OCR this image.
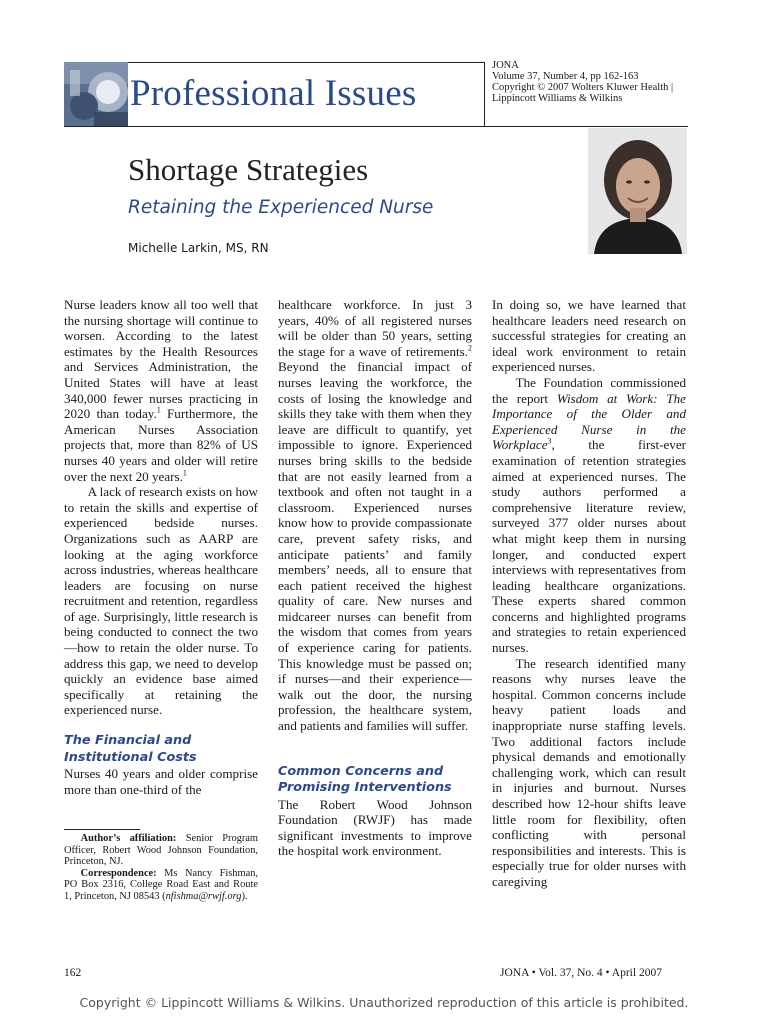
Professional Issues
JONA
Volume 37, Number 4, pp 162-163
Copyright © 2007 Wolters Kluwer Health |
Lippincott Williams & Wilkins
Shortage Strategies
Retaining the Experienced Nurse
Michelle Larkin, MS, RN

Nurse leaders know all too well that the nursing shortage will continue to worsen. According to the latest estimates by the Health Resources and Services Administration, the United States will have at least 340,000 fewer nurses practicing in 2020 than today.$^1$ Furthermore, the American Nurses Association projects that, more than 82% of US nurses 40 years and older will retire over the next 20 years.$^1$

A lack of research exists on how to retain the skills and expertise of experienced bedside nurses. Organizations such as AARP are looking at the aging workforce across industries, whereas healthcare leaders are focusing on nurse recruitment and retention, regardless of age. Surprisingly, little research is being conducted to connect the two—how to retain the older nurse. To address this gap, we need to develop quickly an evidence base aimed specifically at retaining the experienced nurse.

The Financial and Institutional Costs

Nurses 40 years and older comprise more than one-third of the

healthcare workforce. In just 3 years, 40% of all registered nurses will be older than 50 years, setting the stage for a wave of retirements.$^2$ Beyond the financial impact of nurses leaving the workforce, the costs of losing the knowledge and skills they take with them when they leave are difficult to quantify, yet impossible to ignore. Experienced nurses bring skills to the bedside that are not easily learned from a textbook and often not taught in a classroom. Experienced nurses know how to provide compassionate care, prevent safety risks, and anticipate patients’ and family members’ needs, all to ensure that each patient received the highest quality of care. New nurses and midcareer nurses can benefit from the wisdom that comes from years of experience caring for patients. This knowledge must be passed on; if nurses—and their experience—walk out the door, the nursing profession, the healthcare system, and patients and families will suffer.

Common Concerns and Promising Interventions

The Robert Wood Johnson Foundation (RWJF) has made significant investments to improve the hospital work environment.

In doing so, we have learned that healthcare leaders need research on successful strategies for creating an ideal work environment to retain experienced nurses.

The Foundation commissioned the report Wisdom at Work: The Importance of the Older and Experienced Nurse in the Workplace$^3$, the first-ever examination of retention strategies aimed at experienced nurses. The study authors performed a comprehensive literature review, surveyed 377 older nurses about what might keep them in nursing longer, and conducted expert interviews with representatives from leading healthcare organizations. These experts shared common concerns and highlighted programs and strategies to retain experienced nurses.

The research identified many reasons why nurses leave the hospital. Common concerns include heavy patient loads and inappropriate nurse staffing levels. Two additional factors include physical demands and emotionally challenging work, which can result in injuries and burnout. Nurses described how 12-hour shifts leave little room for flexibility, often conflicting with personal responsibilities and interests. This is especially true for older nurses with caregiving

Author’s affiliation: Senior Program Officer, Robert Wood Johnson Foundation, Princeton, NJ.

Correspondence: Ms Nancy Fishman, PO Box 2316, College Road East and Route 1, Princeton, NJ 08543 (nfishma@rwjf.org).

162	JONA • Vol. 37, No. 4 • April 2007
Copyright © Lippincott Williams & Wilkins. Unauthorized reproduction of this article is prohibited.
